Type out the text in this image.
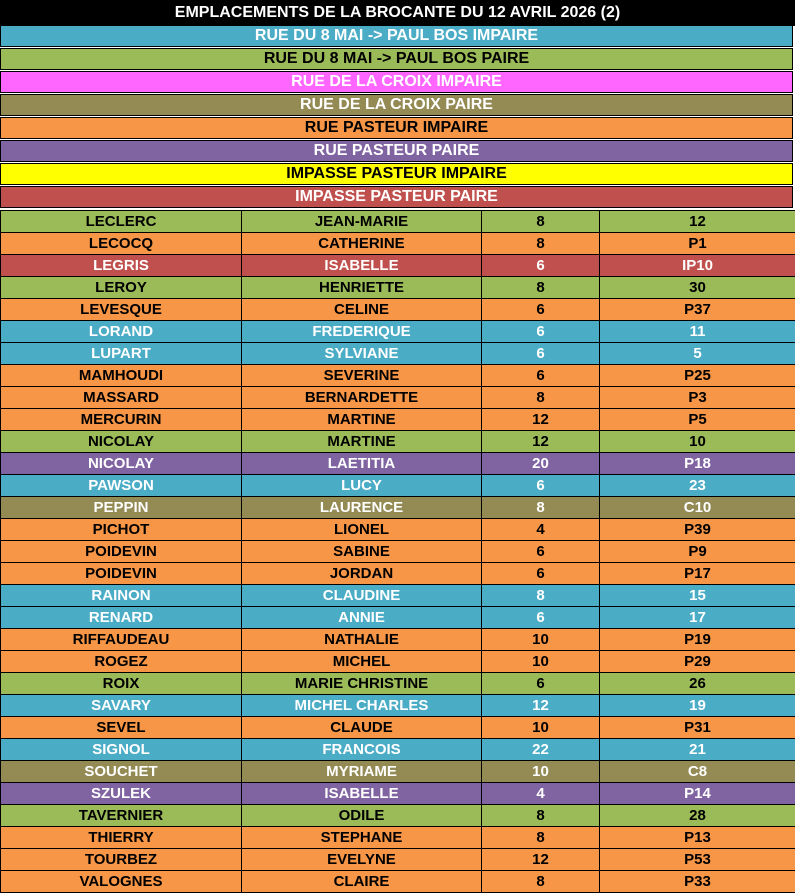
EMPLACEMENTS DE LA BROCANTE DU 12 AVRIL 2026 (2)
RUE DU 8 MAI -> PAUL BOS IMPAIRE
RUE DU 8 MAI -> PAUL BOS PAIRE
RUE DE LA CROIX IMPAIRE
RUE DE LA CROIX PAIRE
RUE PASTEUR IMPAIRE
RUE PASTEUR PAIRE
IMPASSE PASTEUR IMPAIRE
IMPASSE PASTEUR PAIRE
LECLERC	JEAN-MARIE	8	12
LECOCQ	CATHERINE	8	P1
LEGRIS	ISABELLE	6	IP10
LEROY	HENRIETTE	8	30
LEVESQUE	CELINE	6	P37
LORAND	FREDERIQUE	6	11
LUPART	SYLVIANE	6	5
MAMHOUDI	SEVERINE	6	P25
MASSARD	BERNARDETTE	8	P3
MERCURIN	MARTINE	12	P5
NICOLAY	MARTINE	12	10
NICOLAY	LAETITIA	20	P18
PAWSON	LUCY	6	23
PEPPIN	LAURENCE	8	C10
PICHOT	LIONEL	4	P39
POIDEVIN	SABINE	6	P9
POIDEVIN	JORDAN	6	P17
RAINON	CLAUDINE	8	15
RENARD	ANNIE	6	17
RIFFAUDEAU	NATHALIE	10	P19
ROGEZ	MICHEL	10	P29
ROIX	MARIE CHRISTINE	6	26
SAVARY	MICHEL CHARLES	12	19
SEVEL	CLAUDE	10	P31
SIGNOL	FRANCOIS	22	21
SOUCHET	MYRIAME	10	C8
SZULEK	ISABELLE	4	P14
TAVERNIER	ODILE	8	28
THIERRY	STEPHANE	8	P13
TOURBEZ	EVELYNE	12	P53
VALOGNES	CLAIRE	8	P33
